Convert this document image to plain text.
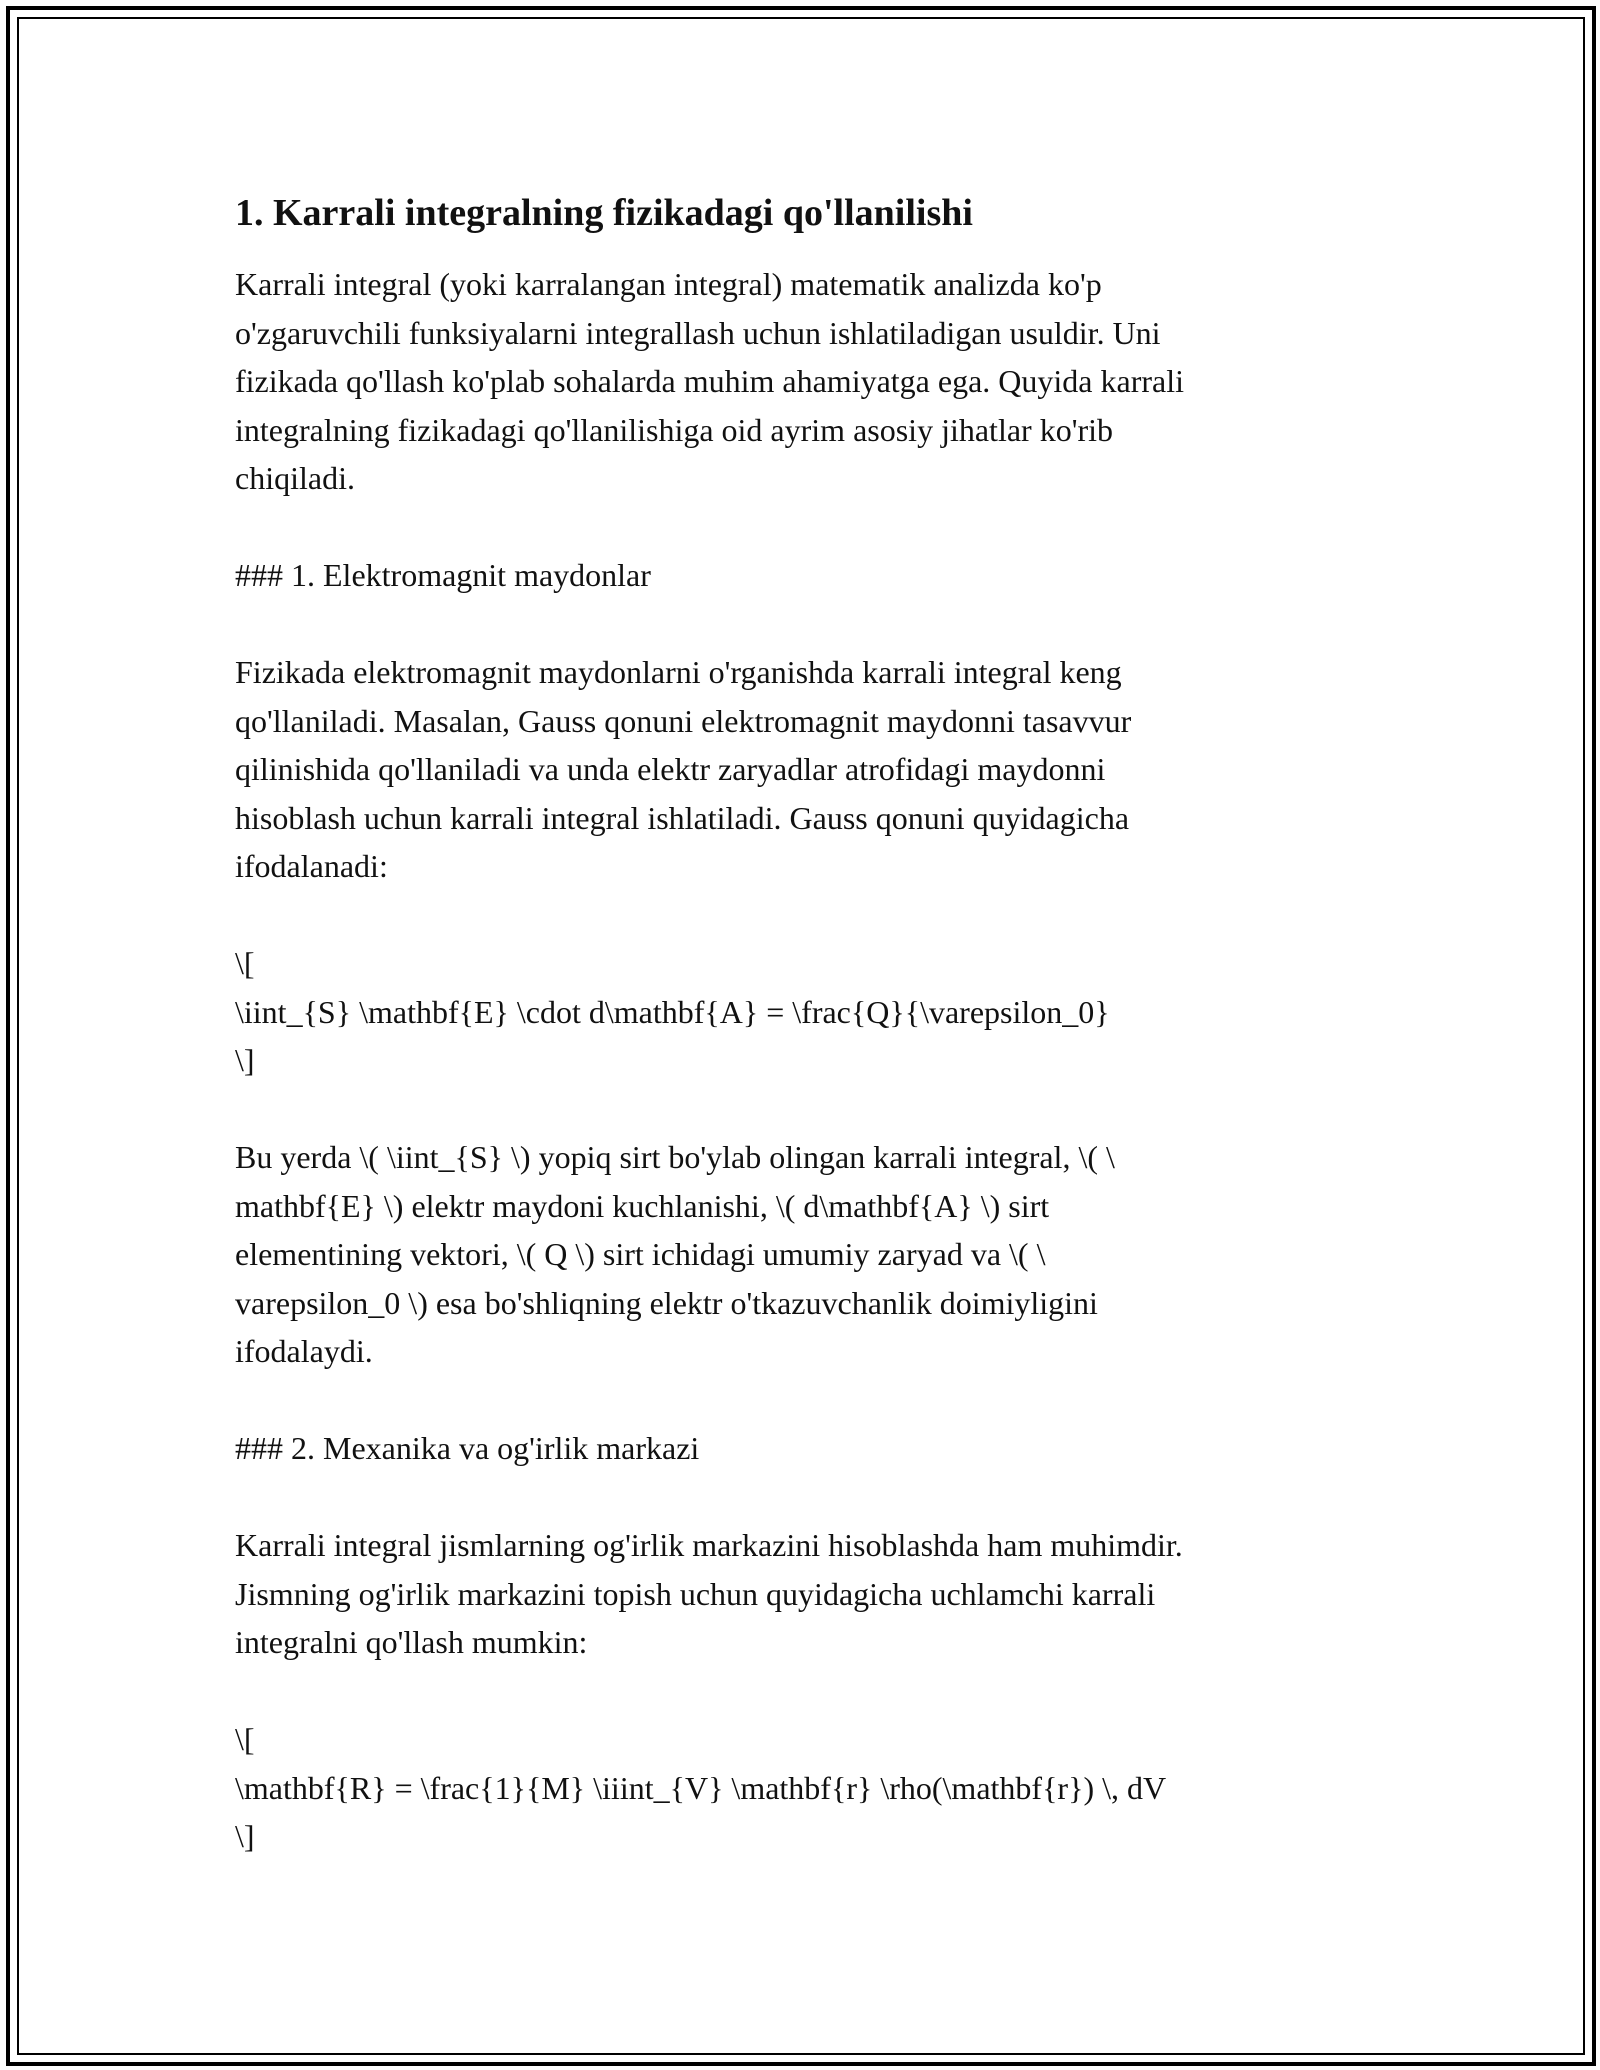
1. Karrali integralning fizikadagi qo'llanilishi

Karrali integral (yoki karralangan integral) matematik analizda ko'p
o'zgaruvchili funksiyalarni integrallash uchun ishlatiladigan usuldir. Uni
fizikada qo'llash ko'plab sohalarda muhim ahamiyatga ega. Quyida karrali
integralning fizikadagi qo'llanilishiga oid ayrim asosiy jihatlar ko'rib
chiqiladi.

### 1. Elektromagnit maydonlar

Fizikada elektromagnit maydonlarni o'rganishda karrali integral keng
qo'llaniladi. Masalan, Gauss qonuni elektromagnit maydonni tasavvur
qilinishida qo'llaniladi va unda elektr zaryadlar atrofidagi maydonni
hisoblash uchun karrali integral ishlatiladi. Gauss qonuni quyidagicha
ifodalanadi:

\[
\iint_{S} \mathbf{E} \cdot d\mathbf{A} = \frac{Q}{\varepsilon_0}
\]

Bu yerda \( \iint_{S} \) yopiq sirt bo'ylab olingan karrali integral, \( \
mathbf{E} \) elektr maydoni kuchlanishi, \( d\mathbf{A} \) sirt
elementining vektori, \( Q \) sirt ichidagi umumiy zaryad va \( \
varepsilon_0 \) esa bo'shliqning elektr o'tkazuvchanlik doimiyligini
ifodalaydi.

### 2. Mexanika va og'irlik markazi

Karrali integral jismlarning og'irlik markazini hisoblashda ham muhimdir.
Jismning og'irlik markazini topish uchun quyidagicha uchlamchi karrali
integralni qo'llash mumkin:

\[
\mathbf{R} = \frac{1}{M} \iiint_{V} \mathbf{r} \rho(\mathbf{r}) \, dV
\]
